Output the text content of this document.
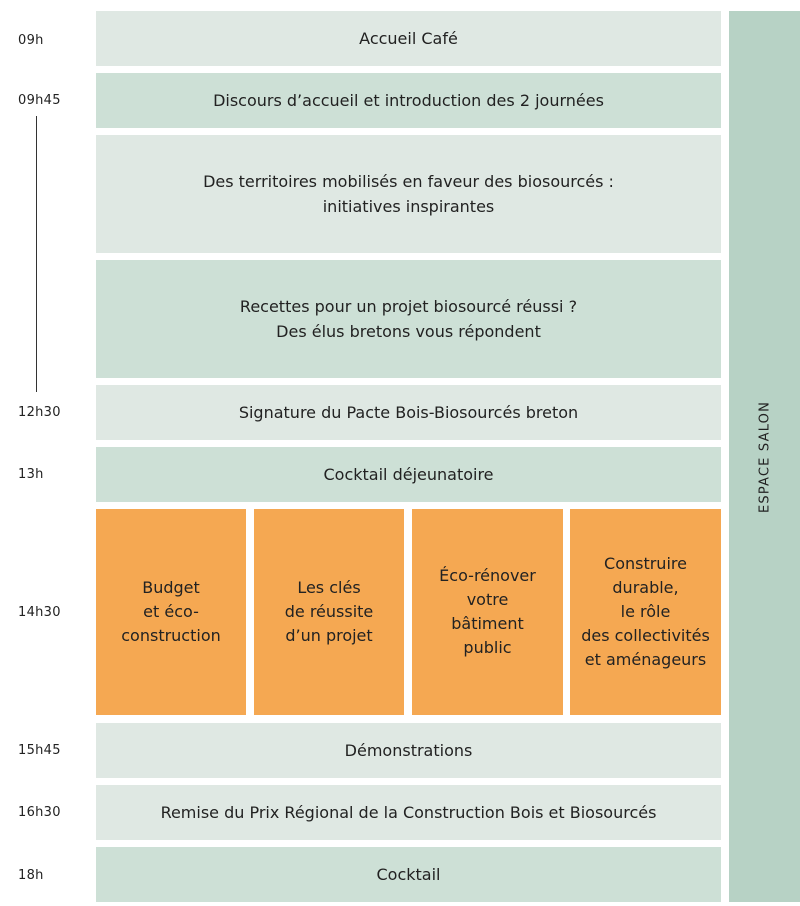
09h
09h45
12h30
13h
14h30
15h45
16h30
18h
Accueil Café
Discours d’accueil et introduction des 2 journées
Des territoires mobilisés en faveur des biosourcés :
initiatives inspirantes
Recettes pour un projet biosourcé réussi ?
Des élus bretons vous répondent
Signature du Pacte Bois-Biosourcés breton
Cocktail déjeunatoire
Budget
et éco-
construction
Les clés
de réussite
d’un projet
Éco-rénover
votre
bâtiment
public
Construire
durable,
le rôle
des collectivités
et aménageurs
Démonstrations
Remise du Prix Régional de la Construction Bois et Biosourcés
Cocktail
ESPACE SALON
